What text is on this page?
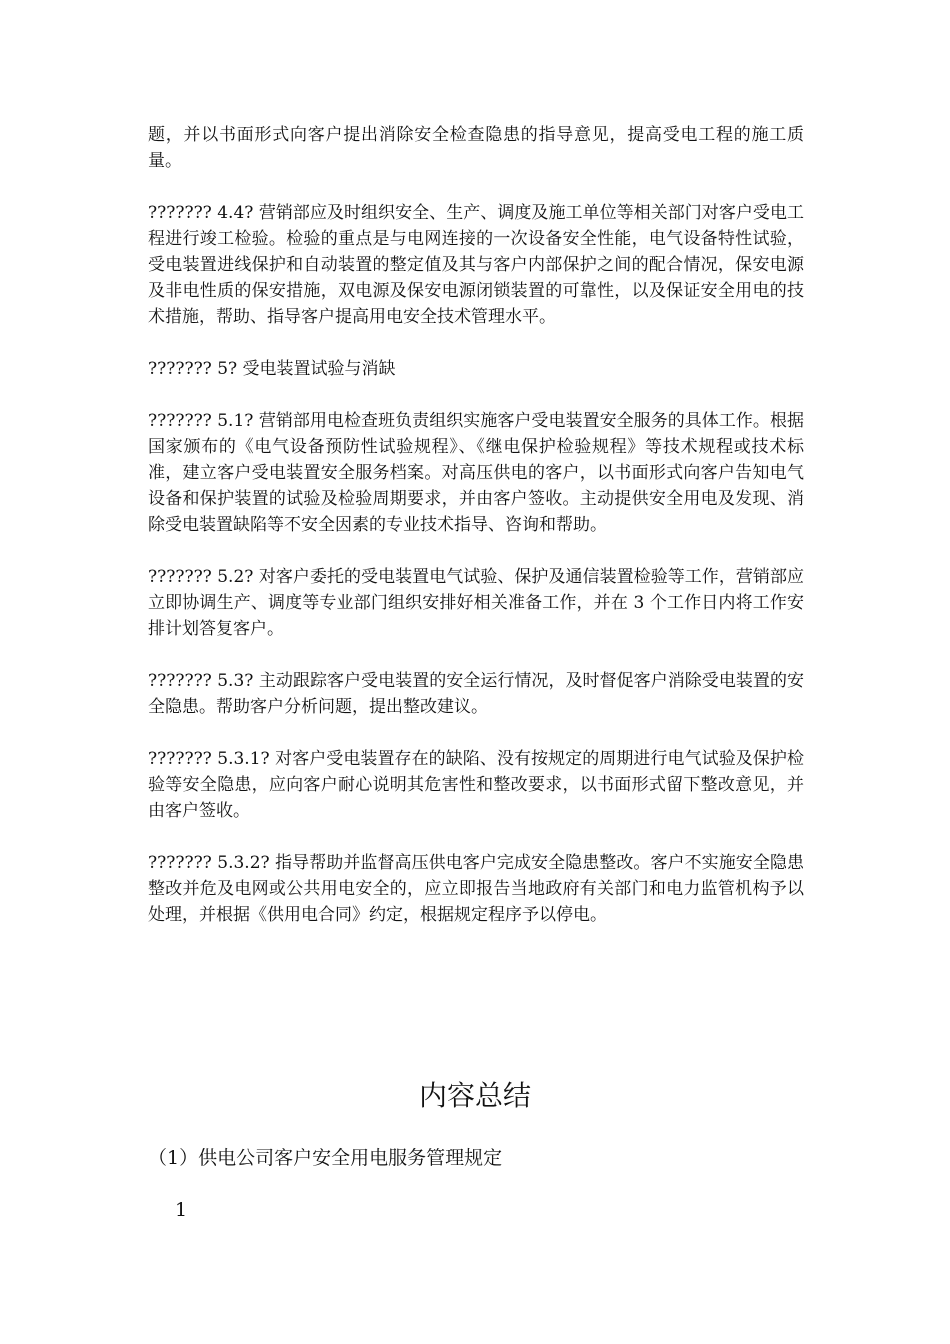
题，并以书面形式向客户提出消除安全检查隐患的指导意见，提高受电工程的施工质量。

??????? 4.4? 营销部应及时组织安全、生产、调度及施工单位等相关部门对客户受电工程进行竣工检验。检验的重点是与电网连接的一次设备安全性能，电气设备特性试验，受电装置进线保护和自动装置的整定值及其与客户内部保护之间的配合情况，保安电源及非电性质的保安措施，双电源及保安电源闭锁装置的可靠性，以及保证安全用电的技术措施，帮助、指导客户提高用电安全技术管理水平。

??????? 5? 受电装置试验与消缺

??????? 5.1? 营销部用电检查班负责组织实施客户受电装置安全服务的具体工作。根据国家颁布的《电气设备预防性试验规程》、《继电保护检验规程》等技术规程或技术标准，建立客户受电装置安全服务档案。对高压供电的客户，以书面形式向客户告知电气设备和保护装置的试验及检验周期要求，并由客户签收。主动提供安全用电及发现、消除受电装置缺陷等不安全因素的专业技术指导、咨询和帮助。

??????? 5.2? 对客户委托的受电装置电气试验、保护及通信装置检验等工作，营销部应立即协调生产、调度等专业部门组织安排好相关准备工作，并在 3 个工作日内将工作安排计划答复客户。

??????? 5.3? 主动跟踪客户受电装置的安全运行情况，及时督促客户消除受电装置的安全隐患。帮助客户分析问题，提出整改建议。

??????? 5.3.1? 对客户受电装置存在的缺陷、没有按规定的周期进行电气试验及保护检验等安全隐患，应向客户耐心说明其危害性和整改要求，以书面形式留下整改意见，并由客户签收。

??????? 5.3.2? 指导帮助并监督高压供电客户完成安全隐患整改。客户不实施安全隐患整改并危及电网或公共用电安全的，应立即报告当地政府有关部门和电力监管机构予以处理，并根据《供用电合同》约定，根据规定程序予以停电。

内容总结

（1）供电公司客户安全用电服务管理规定

1
